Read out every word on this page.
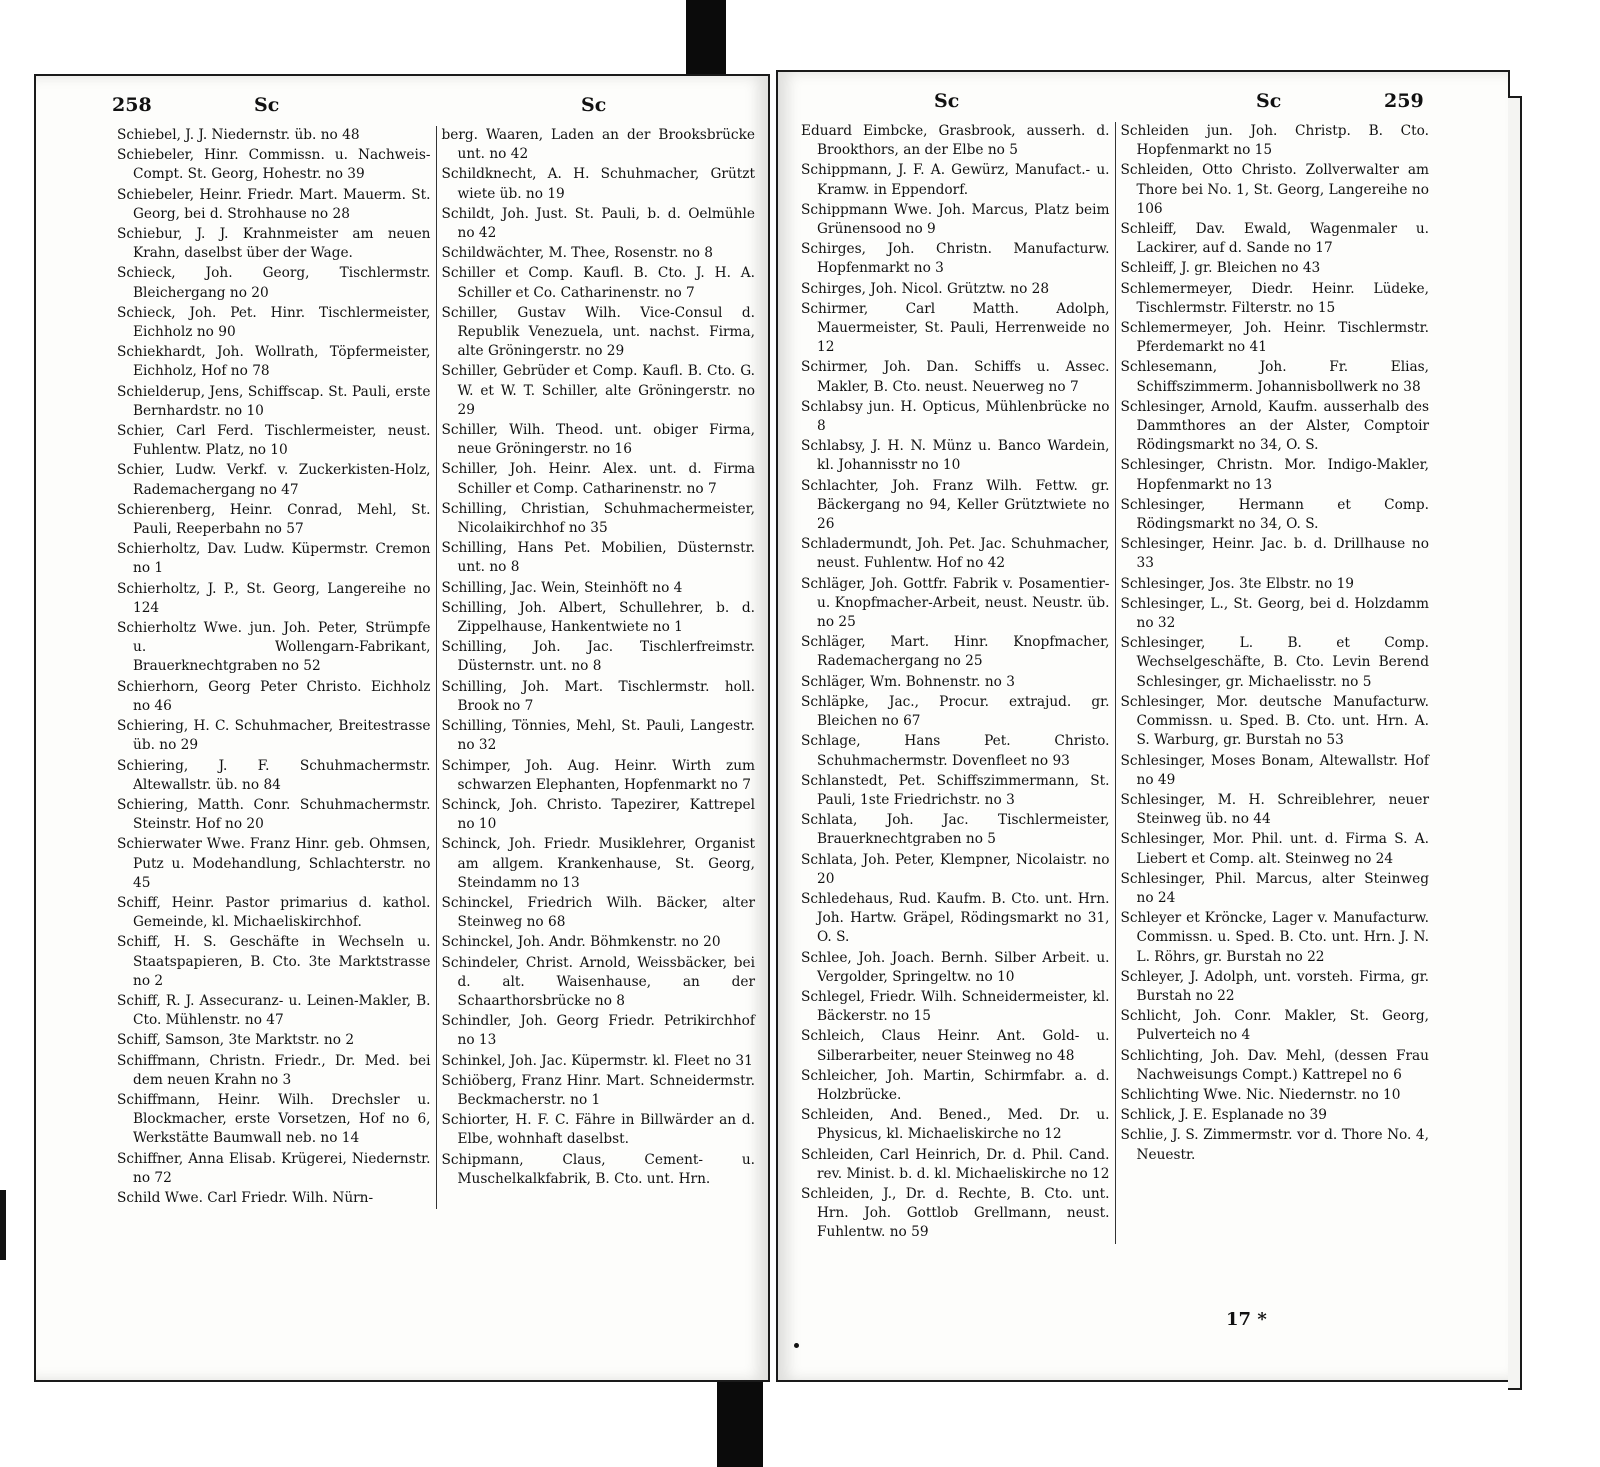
258	Sc	Sc

Schiebel, J. J. Niedernstr. üb. no 48

Schiebeler, Hinr. Commissn. u. Nachweis-Compt. St. Georg, Hohestr. no 39

Schiebeler, Heinr. Friedr. Mart. Mauerm. St. Georg, bei d. Strohhause no 28

Schiebur, J. J. Krahnmeister am neuen Krahn, daselbst über der Wage.

Schieck, Joh. Georg, Tischlermstr. Bleichergang no 20

Schieck, Joh. Pet. Hinr. Tischlermeister, Eichholz no 90

Schiekhardt, Joh. Wollrath, Töpfermeister, Eichholz, Hof no 78

Schielderup, Jens, Schiffscap. St. Pauli, erste Bernhardstr. no 10

Schier, Carl Ferd. Tischlermeister, neust. Fuhlentw. Platz, no 10

Schier, Ludw. Verkf. v. Zuckerkisten-Holz, Rademachergang no 47

Schierenberg, Heinr. Conrad, Mehl, St. Pauli, Reeperbahn no 57

Schierholtz, Dav. Ludw. Küpermstr. Cremon no 1

Schierholtz, J. P., St. Georg, Langereihe no 124

Schierholtz Wwe. jun. Joh. Peter, Strümpfe u. Wollengarn-Fabrikant, Brauerknechtgraben no 52

Schierhorn, Georg Peter Christo. Eichholz no 46

Schiering, H. C. Schuhmacher, Breitestrasse üb. no 29

Schiering, J. F. Schuhmachermstr. Altewallstr. üb. no 84

Schiering, Matth. Conr. Schuhmachermstr. Steinstr. Hof no 20

Schierwater Wwe. Franz Hinr. geb. Ohmsen, Putz u. Modehandlung, Schlachterstr. no 45

Schiff, Heinr. Pastor primarius d. kathol. Gemeinde, kl. Michaeliskirchhof.

Schiff, H. S. Geschäfte in Wechseln u. Staatspapieren, B. Cto. 3te Marktstrasse no 2

Schiff, R. J. Assecuranz- u. Leinen-Makler, B. Cto. Mühlenstr. no 47

Schiff, Samson, 3te Marktstr. no 2

Schiffmann, Christn. Friedr., Dr. Med. bei dem neuen Krahn no 3

Schiffmann, Heinr. Wilh. Drechsler u. Blockmacher, erste Vorsetzen, Hof no 6, Werkstätte Baumwall neb. no 14

Schiffner, Anna Elisab. Krügerei, Niedernstr. no 72

Schild Wwe. Carl Friedr. Wilh. Nürn-

berg. Waaren, Laden an der Brooksbrücke unt. no 42

Schildknecht, A. H. Schuhmacher, Grützt wiete üb. no 19

Schildt, Joh. Just. St. Pauli, b. d. Oelmühle no 42

Schildwächter, M. Thee, Rosenstr. no 8

Schiller et Comp. Kaufl. B. Cto. J. H. A. Schiller et Co. Catharinenstr. no 7

Schiller, Gustav Wilh. Vice-Consul d. Republik Venezuela, unt. nachst. Firma, alte Gröningerstr. no 29

Schiller, Gebrüder et Comp. Kaufl. B. Cto. G. W. et W. T. Schiller, alte Gröningerstr. no 29

Schiller, Wilh. Theod. unt. obiger Firma, neue Gröningerstr. no 16

Schiller, Joh. Heinr. Alex. unt. d. Firma Schiller et Comp. Catharinenstr. no 7

Schilling, Christian, Schuhmachermeister, Nicolaikirchhof no 35

Schilling, Hans Pet. Mobilien, Düsternstr. unt. no 8

Schilling, Jac. Wein, Steinhöft no 4

Schilling, Joh. Albert, Schullehrer, b. d. Zippelhause, Hankentwiete no 1

Schilling, Joh. Jac. Tischlerfreimstr. Düsternstr. unt. no 8

Schilling, Joh. Mart. Tischlermstr. holl. Brook no 7

Schilling, Tönnies, Mehl, St. Pauli, Langestr. no 32

Schimper, Joh. Aug. Heinr. Wirth zum schwarzen Elephanten, Hopfenmarkt no 7

Schinck, Joh. Christo. Tapezirer, Kattrepel no 10

Schinck, Joh. Friedr. Musiklehrer, Organist am allgem. Krankenhause, St. Georg, Steindamm no 13

Schinckel, Friedrich Wilh. Bäcker, alter Steinweg no 68

Schinckel, Joh. Andr. Böhmkenstr. no 20

Schindeler, Christ. Arnold, Weissbäcker, bei d. alt. Waisenhause, an der Schaarthorsbrücke no 8

Schindler, Joh. Georg Friedr. Petrikirchhof no 13

Schinkel, Joh. Jac. Küpermstr. kl. Fleet no 31

Schiöberg, Franz Hinr. Mart. Schneidermstr. Beckmacherstr. no 1

Schiorter, H. F. C. Fähre in Billwärder an d. Elbe, wohnhaft daselbst.

Schipmann, Claus, Cement- u. Muschelkalkfabrik, B. Cto. unt. Hrn.

Sc	Sc	259

Eduard Eimbcke, Grasbrook, ausserh. d. Brookthors, an der Elbe no 5

Schippmann, J. F. A. Gewürz, Manufact.- u. Kramw. in Eppendorf.

Schippmann Wwe. Joh. Marcus, Platz beim Grünensood no 9

Schirges, Joh. Christn. Manufacturw. Hopfenmarkt no 3

Schirges, Joh. Nicol. Grütztw. no 28

Schirmer, Carl Matth. Adolph, Mauermeister, St. Pauli, Herrenweide no 12

Schirmer, Joh. Dan. Schiffs u. Assec. Makler, B. Cto. neust. Neuerweg no 7

Schlabsy jun. H. Opticus, Mühlenbrücke no 8

Schlabsy, J. H. N. Münz u. Banco Wardein, kl. Johannisstr no 10

Schlachter, Joh. Franz Wilh. Fettw. gr. Bäckergang no 94, Keller Grütztwiete no 26

Schladermundt, Joh. Pet. Jac. Schuhmacher, neust. Fuhlentw. Hof no 42

Schläger, Joh. Gottfr. Fabrik v. Posamentier- u. Knopfmacher-Arbeit, neust. Neustr. üb. no 25

Schläger, Mart. Hinr. Knopfmacher, Rademachergang no 25

Schläger, Wm. Bohnenstr. no 3

Schläpke, Jac., Procur. extrajud. gr. Bleichen no 67

Schlage, Hans Pet. Christo. Schuhmachermstr. Dovenfleet no 93

Schlanstedt, Pet. Schiffszimmermann, St. Pauli, 1ste Friedrichstr. no 3

Schlata, Joh. Jac. Tischlermeister, Brauerknechtgraben no 5

Schlata, Joh. Peter, Klempner, Nicolaistr. no 20

Schledehaus, Rud. Kaufm. B. Cto. unt. Hrn. Joh. Hartw. Gräpel, Rödingsmarkt no 31, O. S.

Schlee, Joh. Joach. Bernh. Silber Arbeit. u. Vergolder, Springeltw. no 10

Schlegel, Friedr. Wilh. Schneidermeister, kl. Bäckerstr. no 15

Schleich, Claus Heinr. Ant. Gold- u. Silberarbeiter, neuer Steinweg no 48

Schleicher, Joh. Martin, Schirmfabr. a. d. Holzbrücke.

Schleiden, And. Bened., Med. Dr. u. Physicus, kl. Michaeliskirche no 12

Schleiden, Carl Heinrich, Dr. d. Phil. Cand. rev. Minist. b. d. kl. Michaeliskirche no 12

Schleiden, J., Dr. d. Rechte, B. Cto. unt. Hrn. Joh. Gottlob Grellmann, neust. Fuhlentw. no 59

Schleiden jun. Joh. Christp. B. Cto. Hopfenmarkt no 15

Schleiden, Otto Christo. Zollverwalter am Thore bei No. 1, St. Georg, Langereihe no 106

Schleiff, Dav. Ewald, Wagenmaler u. Lackirer, auf d. Sande no 17

Schleiff, J. gr. Bleichen no 43

Schlemermeyer, Diedr. Heinr. Lüdeke, Tischlermstr. Filterstr. no 15

Schlemermeyer, Joh. Heinr. Tischlermstr. Pferdemarkt no 41

Schlesemann, Joh. Fr. Elias, Schiffszimmerm. Johannisbollwerk no 38

Schlesinger, Arnold, Kaufm. ausserhalb des Dammthores an der Alster, Comptoir Rödingsmarkt no 34, O. S.

Schlesinger, Christn. Mor. Indigo-Makler, Hopfenmarkt no 13

Schlesinger, Hermann et Comp. Rödingsmarkt no 34, O. S.

Schlesinger, Heinr. Jac. b. d. Drillhause no 33

Schlesinger, Jos. 3te Elbstr. no 19

Schlesinger, L., St. Georg, bei d. Holzdamm no 32

Schlesinger, L. B. et Comp. Wechselgeschäfte, B. Cto. Levin Berend Schlesinger, gr. Michaelisstr. no 5

Schlesinger, Mor. deutsche Manufacturw. Commissn. u. Sped. B. Cto. unt. Hrn. A. S. Warburg, gr. Burstah no 53

Schlesinger, Moses Bonam, Altewallstr. Hof no 49

Schlesinger, M. H. Schreiblehrer, neuer Steinweg üb. no 44

Schlesinger, Mor. Phil. unt. d. Firma S. A. Liebert et Comp. alt. Steinweg no 24

Schlesinger, Phil. Marcus, alter Steinweg no 24

Schleyer et Kröncke, Lager v. Manufacturw. Commissn. u. Sped. B. Cto. unt. Hrn. J. N. L. Röhrs, gr. Burstah no 22

Schleyer, J. Adolph, unt. vorsteh. Firma, gr. Burstah no 22

Schlicht, Joh. Conr. Makler, St. Georg, Pulverteich no 4

Schlichting, Joh. Dav. Mehl, (dessen Frau Nachweisungs Compt.) Kattrepel no 6

Schlichting Wwe. Nic. Niedernstr. no 10

Schlick, J. E. Esplanade no 39

Schlie, J. S. Zimmermstr. vor d. Thore No. 4, Neuestr.

17 *
